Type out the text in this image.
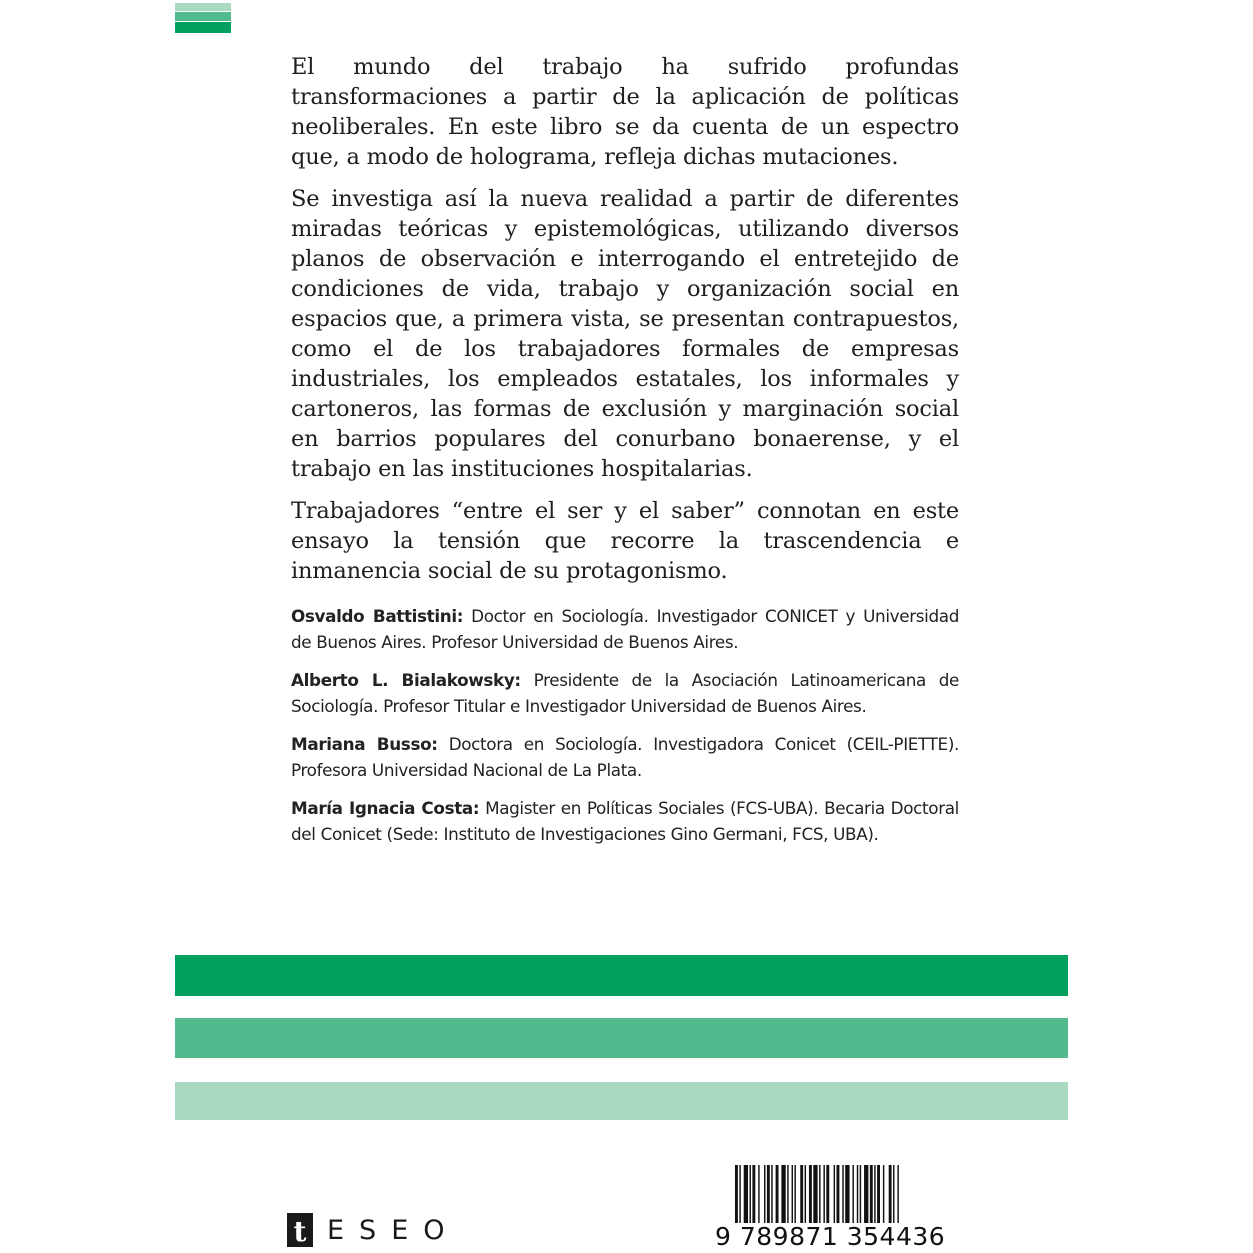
El mundo del trabajo ha sufrido profundas transformaciones a partir de la aplicación de políticas neoliberales. En este libro se da cuenta de un espectro que, a modo de holograma, refleja dichas mutaciones.

Se investiga así la nueva realidad a partir de diferentes miradas teóricas y epistemológicas, utilizando diversos planos de observación e interrogando el entretejido de condiciones de vida, trabajo y organización social en espacios que, a primera vista, se presentan contrapuestos, como el de los trabajadores formales de empresas industriales, los empleados estatales, los informales y cartoneros, las formas de exclusión y marginación social en barrios populares del conurbano bonaerense, y el trabajo en las instituciones hospitalarias.

Trabajadores “entre el ser y el saber” connotan en este ensayo la tensión que recorre la trascendencia e inmanencia social de su protagonismo.

Osvaldo Battistini: Doctor en Sociología. Investigador CONICET y Universidad de Buenos Aires. Profesor Universidad de Buenos Aires.

Alberto L. Bialakowsky: Presidente de la Asociación Latinoamericana de Sociología. Profesor Titular e Investigador Universidad de Buenos Aires.

Mariana Busso: Doctora en Sociología. Investigadora Conicet (CEIL-PIETTE). Profesora Universidad Nacional de La Plata.

María Ignacia Costa: Magister en Políticas Sociales (FCS-UBA). Becaria Doctoral del Conicet (Sede: Instituto de Investigaciones Gino Germani, FCS, UBA).

t ESEO	9 789871 354436
